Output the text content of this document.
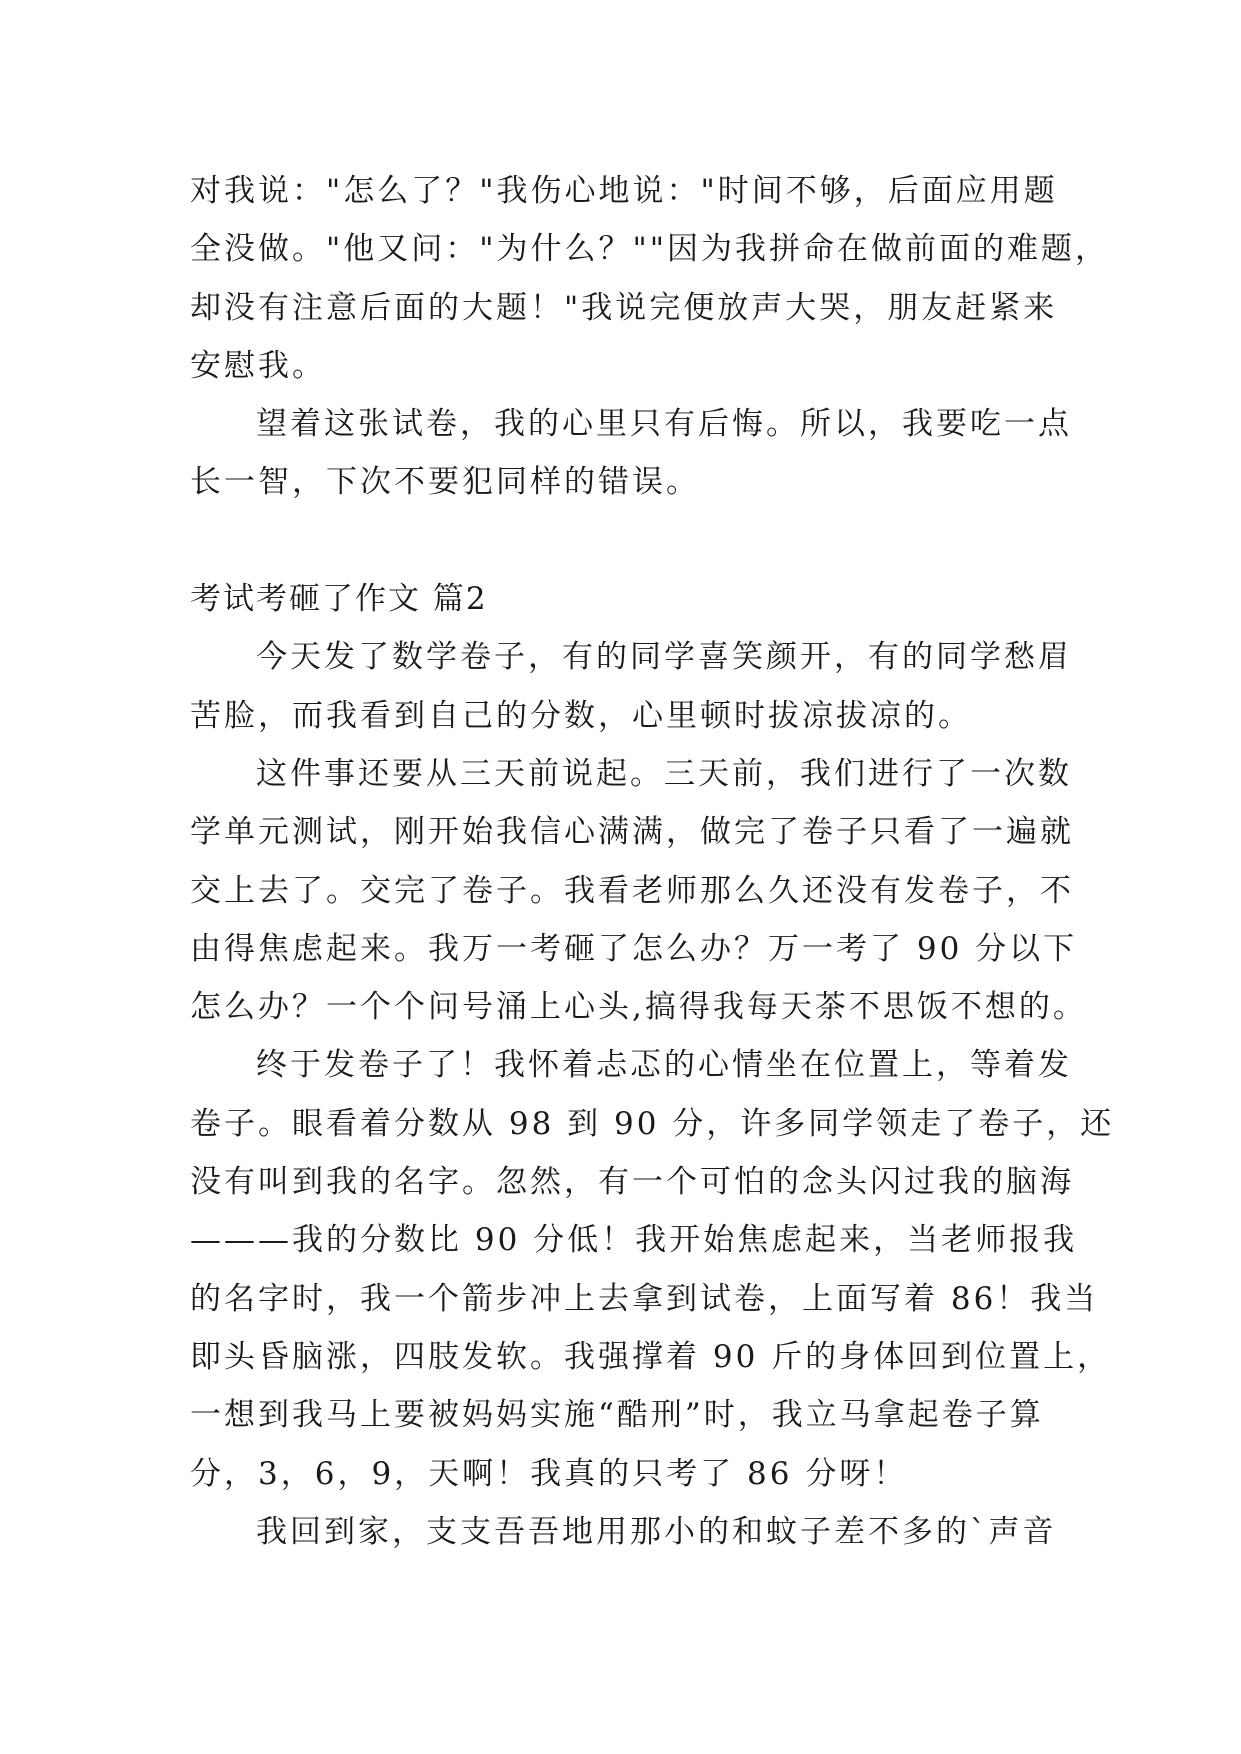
对我说："怎么了？"我伤心地说："时间不够，后面应用题
全没做。"他又问："为什么？""因为我拼命在做前面的难题，
却没有注意后面的大题！"我说完便放声大哭，朋友赶紧来
安慰我。
望着这张试卷，我的心里只有后悔。所以，我要吃一点
长一智，下次不要犯同样的错误。
考试考砸了作文 篇2
今天发了数学卷子，有的同学喜笑颜开，有的同学愁眉
苦脸，而我看到自己的分数，心里顿时拔凉拔凉的。
这件事还要从三天前说起。三天前，我们进行了一次数
学单元测试，刚开始我信心满满，做完了卷子只看了一遍就
交上去了。交完了卷子。我看老师那么久还没有发卷子，不
由得焦虑起来。我万一考砸了怎么办？万一考了 90 分以下
怎么办？一个个问号涌上心头,搞得我每天茶不思饭不想的。
终于发卷子了！我怀着忐忑的心情坐在位置上，等着发
卷子。眼看着分数从 98 到 90 分，许多同学领走了卷子，还
没有叫到我的名字。忽然，有一个可怕的念头闪过我的脑海
———我的分数比 90 分低！我开始焦虑起来，当老师报我
的名字时，我一个箭步冲上去拿到试卷，上面写着 86！我当
即头昏脑涨，四肢发软。我强撑着 90 斤的身体回到位置上，
一想到我马上要被妈妈实施“酷刑”时，我立马拿起卷子算
分，3，6，9，天啊！我真的只考了 86 分呀！
我回到家，支支吾吾地用那小的和蚊子差不多的`声音
